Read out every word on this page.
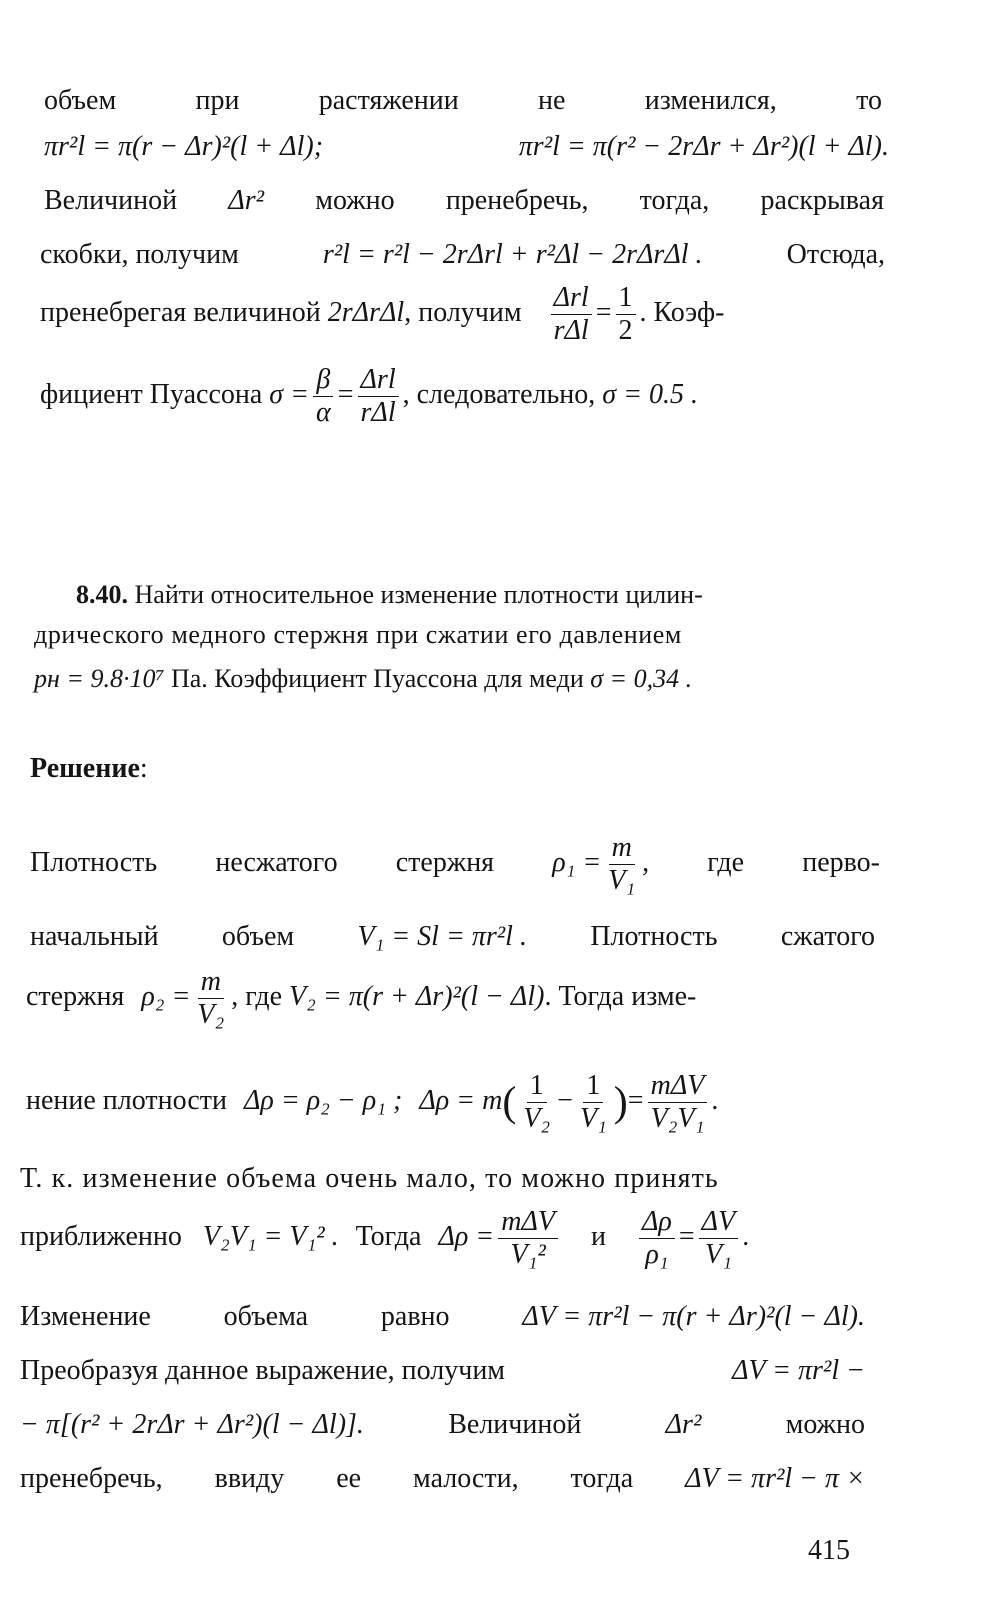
объем	при	растяжении	не	изменился,	то
πr²l = π(r − Δr)²(l + Δl);	πr²l = π(r² − 2rΔr + Δr²)(l + Δl).
Величиной Δr² можно пренебречь, тогда, раскрывая
скобки, получим	r²l = r²l − 2rΔrl + r²Δl − 2rΔrΔl .	Отсюда,
пренебрегая величиной 2rΔrΔl, получим $\frac{\text{Δrl}}{\text{rΔl}} = \frac{1}{2}$ . Коэф-
фициент Пуассона $\sigma = \frac{\beta}{\alpha} = \frac{\text{Δrl}}{\text{rΔl}}$ , следовательно, σ = 0.5 .
8.40. Найти относительное изменение плотности цилин-
дрического медного стержня при сжатии его давлением
pн = 9.8·10⁷ Па. Коэффициент Пуассона для меди σ = 0,34 .
Решение:
Плотность несжатого стержня $\rho_1 = \frac{m}{\text{V₁}}$ , где перво-
начальный объем V₁ = Sl = πr²l . Плотность сжатого
стержня $\rho_2 = \frac{m}{\text{V₂}}$ , где V₂ = π(r + Δr)²(l − Δl). Тогда изме-
нение плотности Δρ = ρ₂ − ρ₁ ; $\Delta\rho = m( \frac{1}{\text{V₂}} - \frac{1}{\text{V₁}}$ )= $\frac{\text{mΔV}}{\text{V₂V₁}}$ .
Т. к. изменение объема очень мало, то можно принять
приближенно V₂V₁ = V₁² . Тогда $\Delta\rho = \frac{\text{mΔV}}{\text{V₁²}}$ и $\frac{\Delta\rho}{\text{ρ₁}} = \frac{\Delta V}{\text{V₁}}$ .
Изменение	объема	равно	ΔV = πr²l − π(r + Δr)²(l − Δl).
Преобразуя данное выражение, получим	ΔV = πr²l −
− π[(r² + 2rΔr + Δr²)(l − Δl)].	Величиной	Δr²	можно
пренебречь, ввиду ее малости, тогда ΔV = πr²l − π ×
415
